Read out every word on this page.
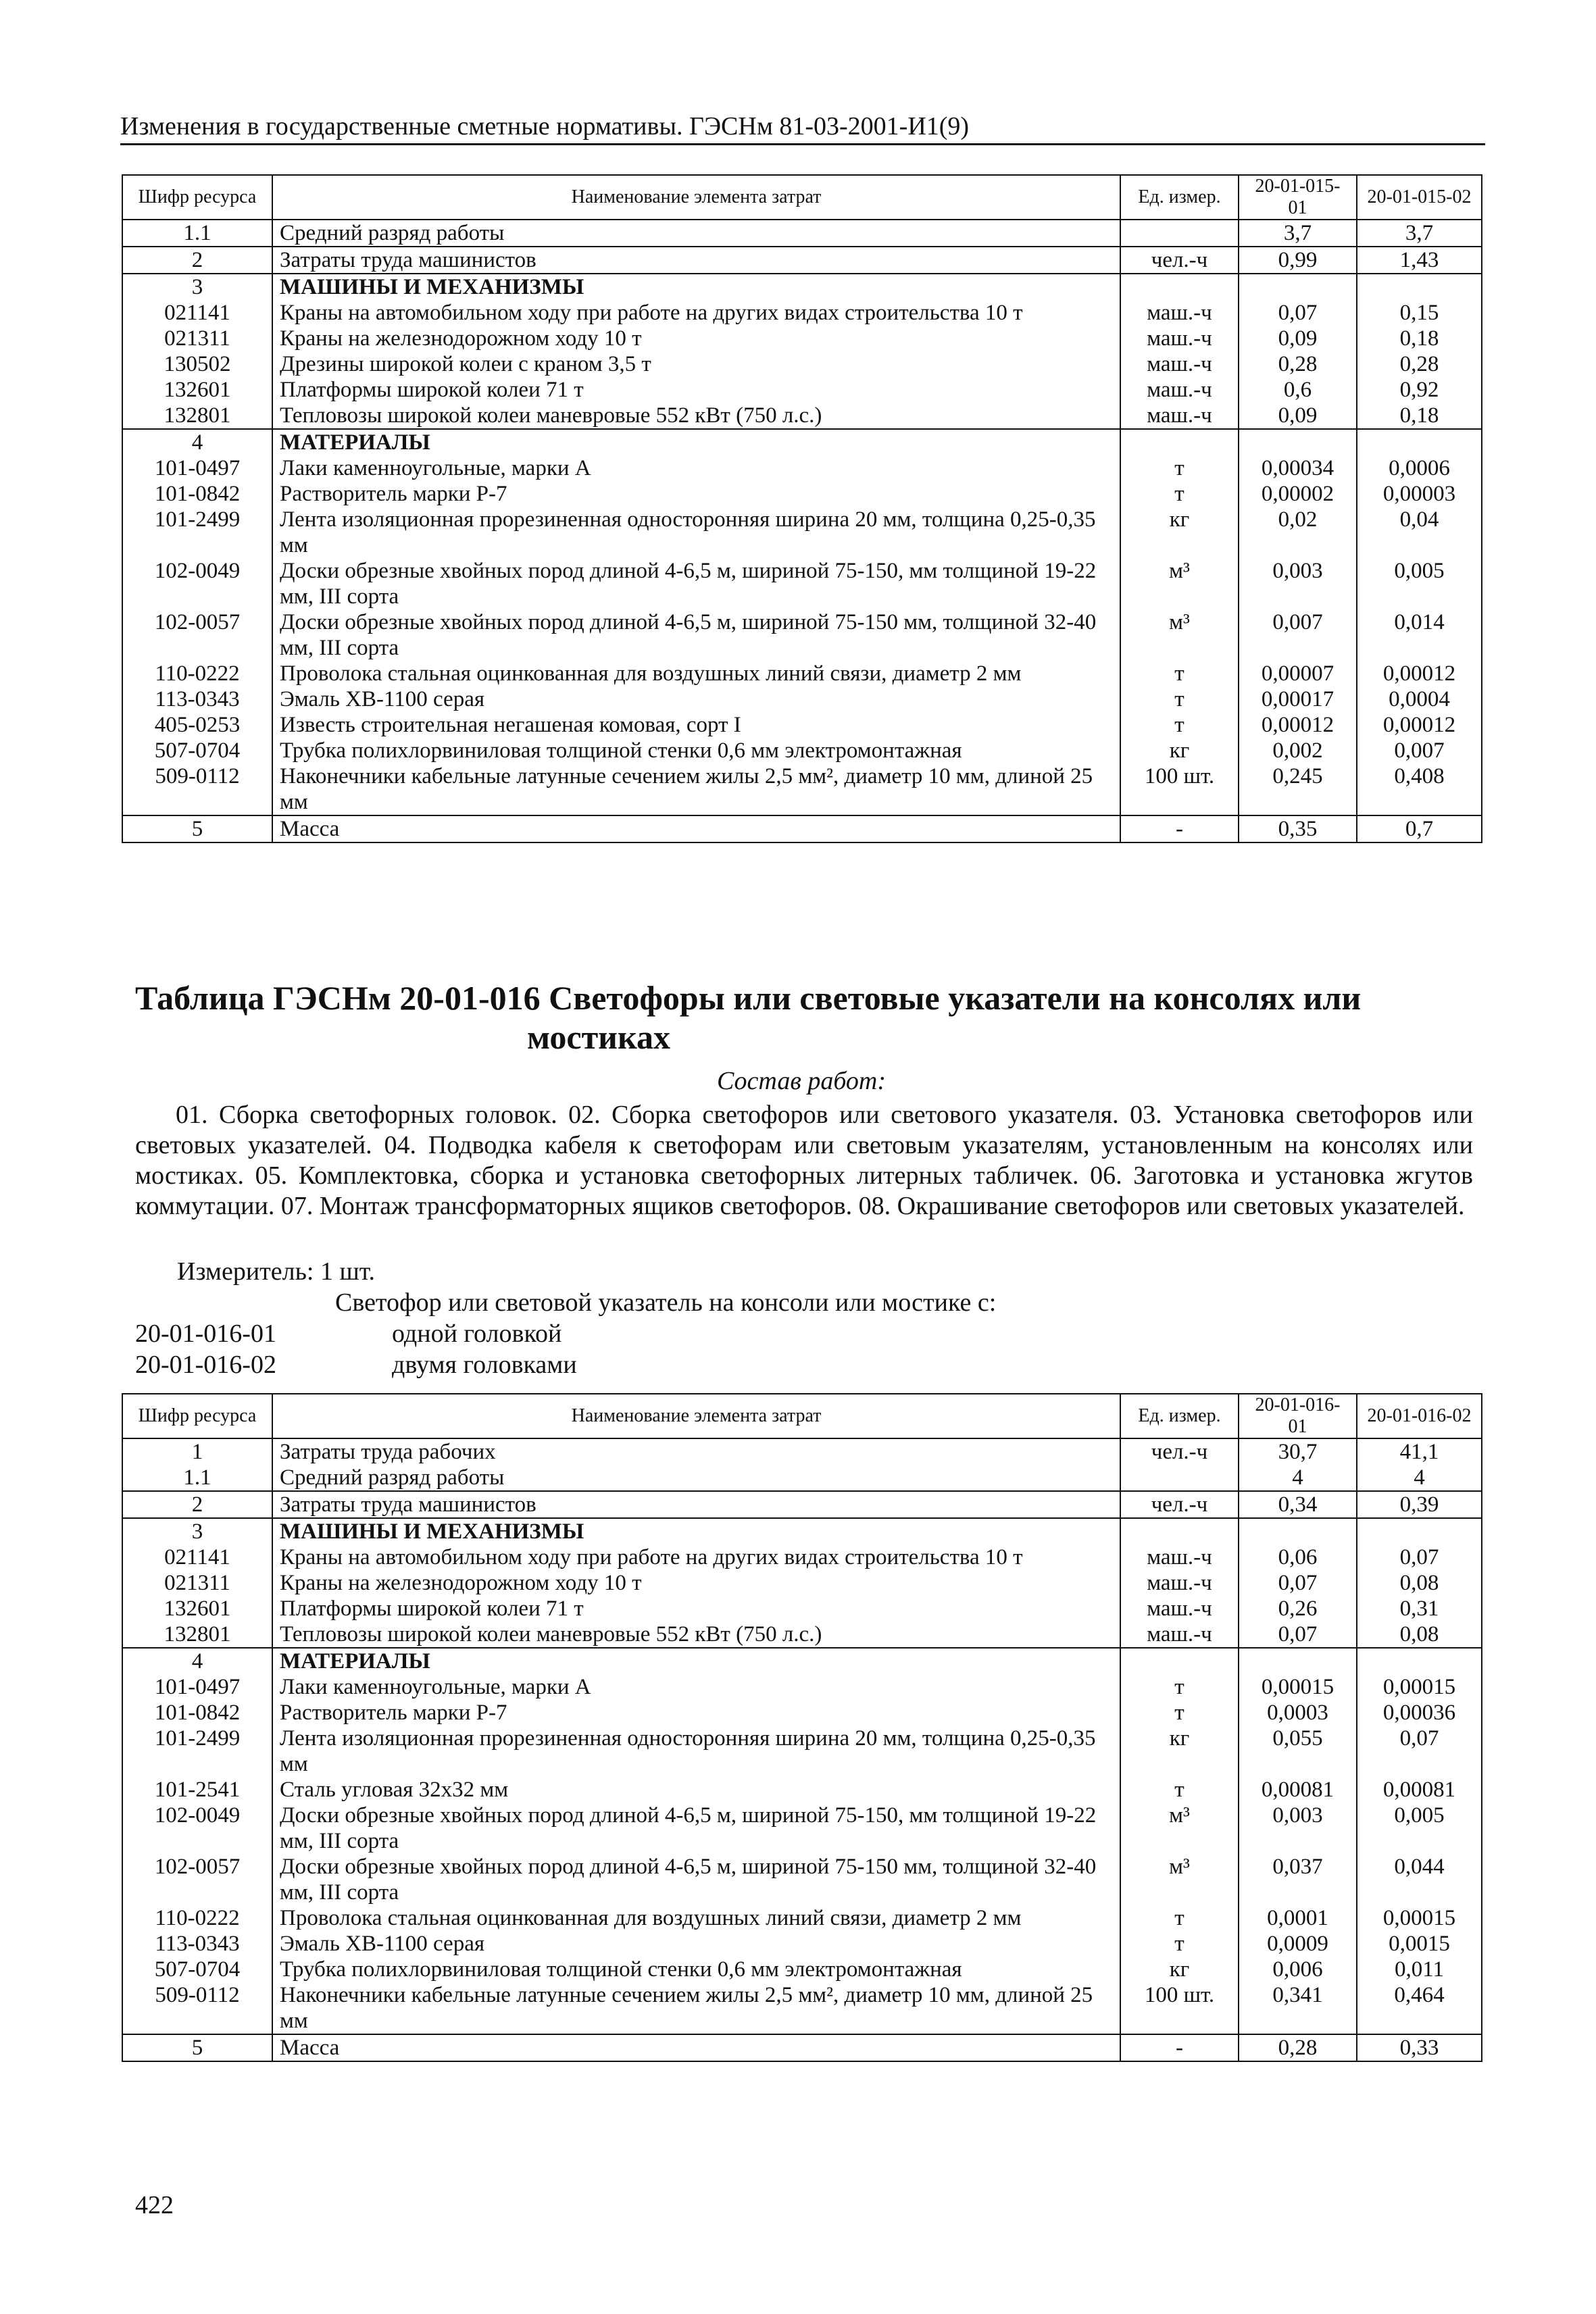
Изменения в государственные сметные нормативы. ГЭСНм 81-03-2001-И1(9)
Шифр ресурса	Наименование элемента затрат	Ед. измер.	20-01-015-01	20-01-015-02
1.1	Средний разряд работы		3,7	3,7
2	Затраты труда машинистов	чел.-ч	0,99	1,43
3	МАШИНЫ И МЕХАНИЗМЫ			
021141	Краны на автомобильном ходу при работе на других видах строительства 10 т	маш.-ч	0,07	0,15
021311	Краны на железнодорожном ходу 10 т	маш.-ч	0,09	0,18
130502	Дрезины широкой колеи с краном 3,5 т	маш.-ч	0,28	0,28
132601	Платформы широкой колеи 71 т	маш.-ч	0,6	0,92
132801	Тепловозы широкой колеи маневровые 552 кВт (750 л.с.)	маш.-ч	0,09	0,18
4	МАТЕРИАЛЫ			
101-0497	Лаки каменноугольные, марки А	т	0,00034	0,0006
101-0842	Растворитель марки Р-7	т	0,00002	0,00003
101-2499	Лента изоляционная прорезиненная односторонняя ширина 20 мм, толщина 0,25-0,35 мм	кг	0,02	0,04
102-0049	Доски обрезные хвойных пород длиной 4-6,5 м, шириной 75-150, мм толщиной 19-22 мм, III сорта	м³	0,003	0,005
102-0057	Доски обрезные хвойных пород длиной 4-6,5 м, шириной 75-150 мм, толщиной 32-40 мм, III сорта	м³	0,007	0,014
110-0222	Проволока стальная оцинкованная для воздушных линий связи, диаметр 2 мм	т	0,00007	0,00012
113-0343	Эмаль ХВ-1100 серая	т	0,00017	0,0004
405-0253	Известь строительная негашеная комовая, сорт I	т	0,00012	0,00012
507-0704	Трубка полихлорвиниловая толщиной стенки 0,6 мм электромонтажная	кг	0,002	0,007
509-0112	Наконечники кабельные латунные сечением жилы 2,5 мм², диаметр 10 мм, длиной 25 мм	100 шт.	0,245	0,408
5	Масса	-	0,35	0,7
Таблица ГЭСНм 20-01-016 Светофоры или световые указатели на консолях или
мостиках
Состав работ:
01. Сборка светофорных головок. 02. Сборка светофоров или светового указателя. 03. Установка светофоров или световых указателей. 04. Подводка кабеля к светофорам или световым указателям, установленным на консолях или мостиках. 05. Комплектовка, сборка и установка светофорных литерных табличек. 06. Заготовка и установка жгутов коммутации. 07. Монтаж трансформаторных ящиков светофоров. 08. Окрашивание светофоров или световых указателей.
Измеритель: 1 шт.
Светофор или световой указатель на консоли или мостике с:
20-01-016-01	одной головкой
20-01-016-02	двумя головками
Шифр ресурса	Наименование элемента затрат	Ед. измер.	20-01-016-01	20-01-016-02
1	Затраты труда рабочих	чел.-ч	30,7	41,1
1.1	Средний разряд работы		4	4
2	Затраты труда машинистов	чел.-ч	0,34	0,39
3	МАШИНЫ И МЕХАНИЗМЫ			
021141	Краны на автомобильном ходу при работе на других видах строительства 10 т	маш.-ч	0,06	0,07
021311	Краны на железнодорожном ходу 10 т	маш.-ч	0,07	0,08
132601	Платформы широкой колеи 71 т	маш.-ч	0,26	0,31
132801	Тепловозы широкой колеи маневровые 552 кВт (750 л.с.)	маш.-ч	0,07	0,08
4	МАТЕРИАЛЫ			
101-0497	Лаки каменноугольные, марки А	т	0,00015	0,00015
101-0842	Растворитель марки Р-7	т	0,0003	0,00036
101-2499	Лента изоляционная прорезиненная односторонняя ширина 20 мм, толщина 0,25-0,35 мм	кг	0,055	0,07
101-2541	Сталь угловая 32х32 мм	т	0,00081	0,00081
102-0049	Доски обрезные хвойных пород длиной 4-6,5 м, шириной 75-150, мм толщиной 19-22 мм, III сорта	м³	0,003	0,005
102-0057	Доски обрезные хвойных пород длиной 4-6,5 м, шириной 75-150 мм, толщиной 32-40 мм, III сорта	м³	0,037	0,044
110-0222	Проволока стальная оцинкованная для воздушных линий связи, диаметр 2 мм	т	0,0001	0,00015
113-0343	Эмаль ХВ-1100 серая	т	0,0009	0,0015
507-0704	Трубка полихлорвиниловая толщиной стенки 0,6 мм электромонтажная	кг	0,006	0,011
509-0112	Наконечники кабельные латунные сечением жилы 2,5 мм², диаметр 10 мм, длиной 25 мм	100 шт.	0,341	0,464
5	Масса	-	0,28	0,33
422
